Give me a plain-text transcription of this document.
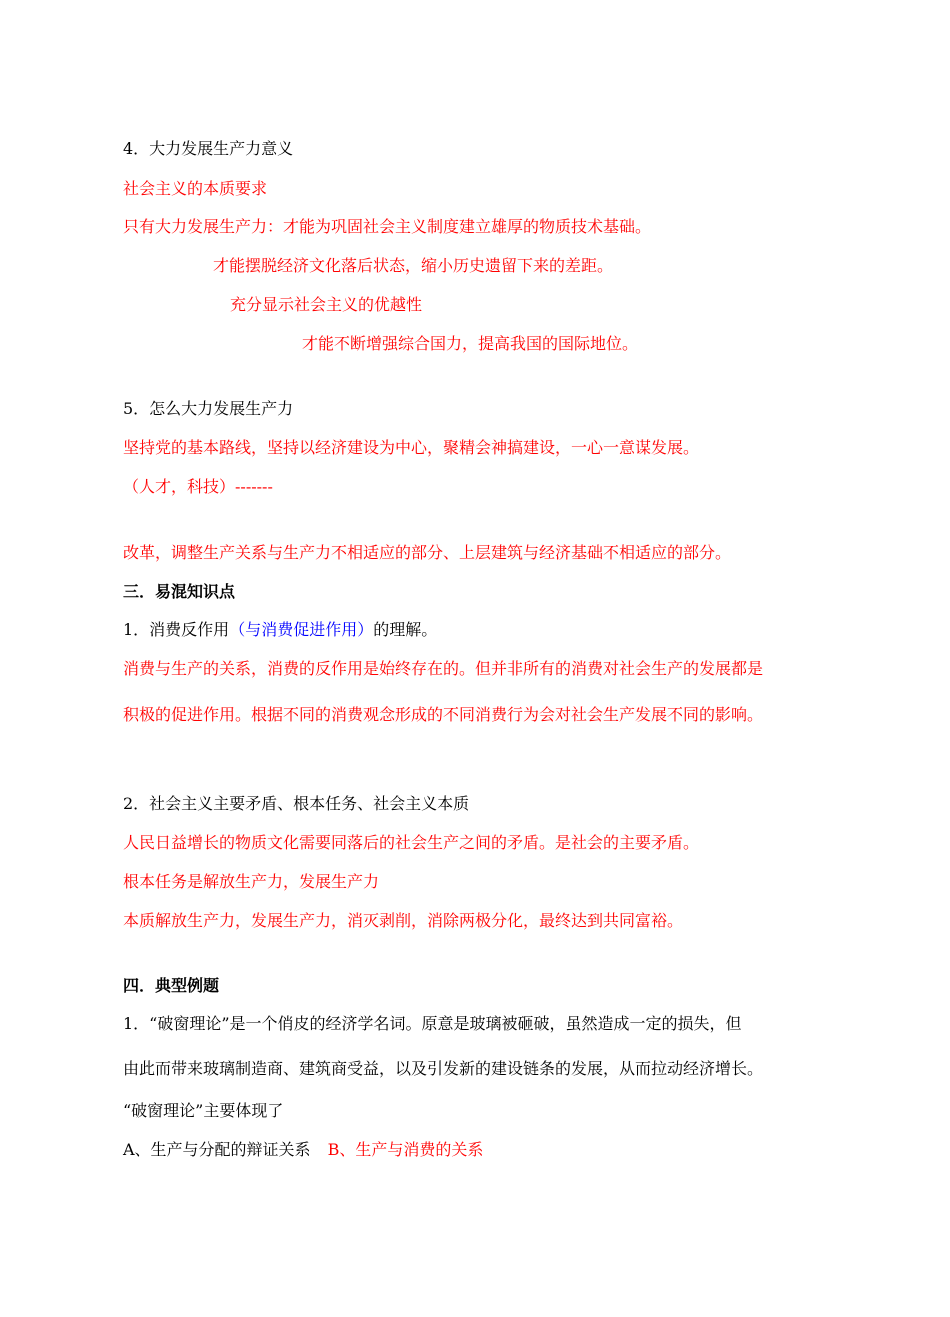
4．大力发展生产力意义
社会主义的本质要求
只有大力发展生产力：才能为巩固社会主义制度建立雄厚的物质技术基础。
才能摆脱经济文化落后状态，缩小历史遗留下来的差距。
充分显示社会主义的优越性
才能不断增强综合国力，提高我国的国际地位。
5．怎么大力发展生产力
坚持党的基本路线，坚持以经济建设为中心，聚精会神搞建设，一心一意谋发展。
（人才，科技）-------
改革，调整生产关系与生产力不相适应的部分、上层建筑与经济基础不相适应的部分。
三．易混知识点
1．消费反作用（与消费促进作用）的理解。
消费与生产的关系，消费的反作用是始终存在的。但并非所有的消费对社会生产的发展都是
积极的促进作用。根据不同的消费观念形成的不同消费行为会对社会生产发展不同的影响。
2．社会主义主要矛盾、根本任务、社会主义本质
人民日益增长的物质文化需要同落后的社会生产之间的矛盾。是社会的主要矛盾。
根本任务是解放生产力，发展生产力
本质解放生产力，发展生产力，消灭剥削，消除两极分化，最终达到共同富裕。
四．典型例题
1．“破窗理论”是一个俏皮的经济学名词。原意是玻璃被砸破，虽然造成一定的损失，但
由此而带来玻璃制造商、建筑商受益，以及引发新的建设链条的发展，从而拉动经济增长。
“破窗理论”主要体现了
A、生产与分配的辩证关系 B、生产与消费的关系
